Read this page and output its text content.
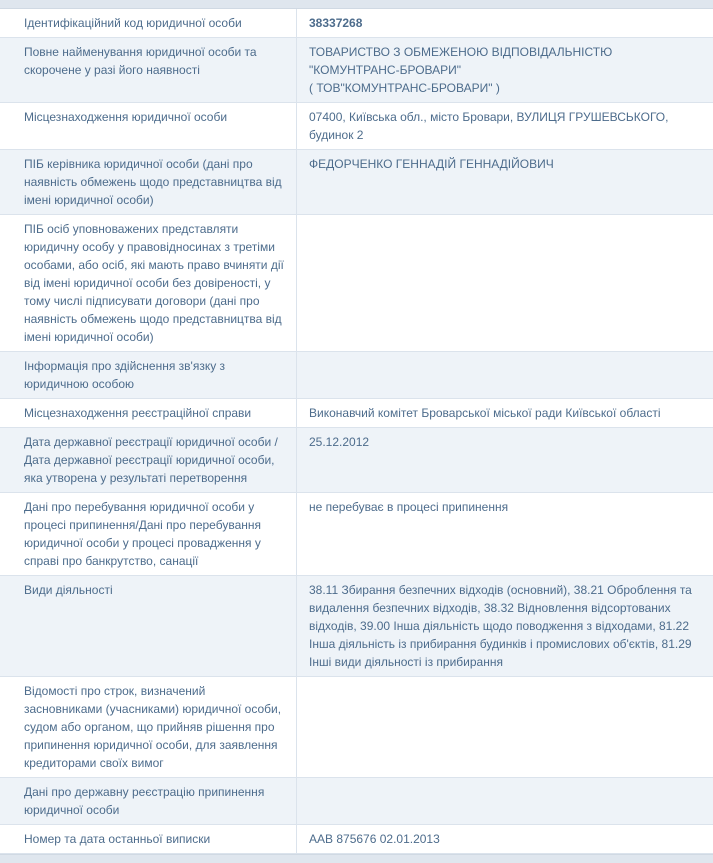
Ідентифікаційний код юридичної особи	38337268
Повне найменування юридичної особи та скорочене у разі його наявності	ТОВАРИСТВО З ОБМЕЖЕНОЮ ВІДПОВІДАЛЬНІСТЮ "КОМУНТРАНС-БРОВАРИ"
( ТОВ"КОМУНТРАНС-БРОВАРИ" )
Місцезнаходження юридичної особи	07400, Київська обл., місто Бровари, ВУЛИЦЯ ГРУШЕВСЬКОГО, будинок 2
ПІБ керівника юридичної особи (дані про наявність обмежень щодо представництва від імені юридичної особи)	ФЕДОРЧЕНКО ГЕННАДІЙ ГЕННАДІЙОВИЧ
ПІБ осіб уповноважених представляти юридичну особу у правовідносинах з третіми особами, або осіб, які мають право вчиняти дії від імені юридичної особи без довіреності, у тому числі підписувати договори (дані про наявність обмежень щодо представництва від імені юридичної особи)	
Інформація про здійснення зв'язку з юридичною особою	
Місцезнаходження реєстраційної справи	Виконавчий комітет Броварської міської ради Київської області
Дата державної реєстрації юридичної особи / Дата державної реєстрації юридичної особи, яка утворена у результаті перетворення	25.12.2012
Дані про перебування юридичної особи у процесі припинення/Дані про перебування юридичної особи у процесі провадження у справі про банкрутство, санації	не перебуває в процесі припинення
Види діяльності	38.11 Збирання безпечних відходів (основний), 38.21 Оброблення та видалення безпечних відходів, 38.32 Відновлення відсортованих відходів, 39.00 Інша діяльність щодо поводження з відходами, 81.22 Інша діяльність із прибирання будинків і промислових об'єктів, 81.29 Інші види діяльності із прибирання
Відомості про строк, визначений засновниками (учасниками) юридичної особи, судом або органом, що прийняв рішення про припинення юридичної особи, для заявлення кредиторами своїх вимог	
Дані про державну реєстрацію припинення юридичної особи	
Номер та дата останньої виписки	ААВ 875676 02.01.2013
